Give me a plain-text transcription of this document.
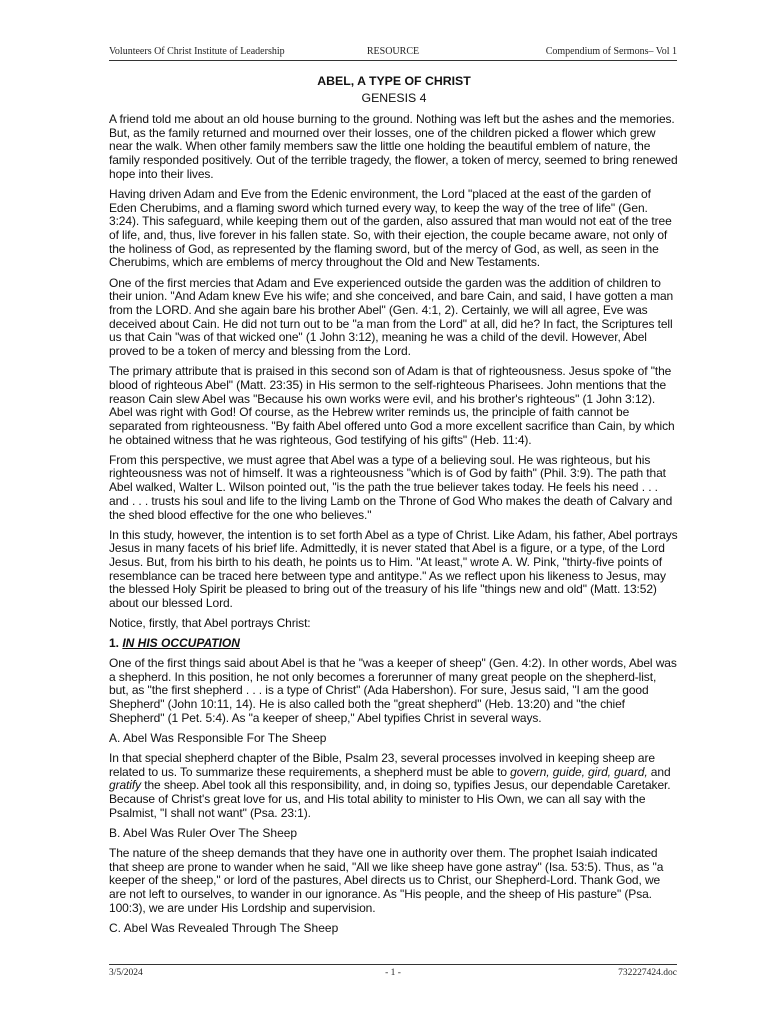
Volunteers Of Christ Institute of Leadership	RESOURCE	Compendium of Sermons– Vol 1
ABEL, A TYPE OF CHRIST
GENESIS 4

A friend told me about an old house burning to the ground. Nothing was left but the ashes and the memories. But, as the family returned and mourned over their losses, one of the children picked a flower which grew near the walk. When other family members saw the little one holding the beautiful emblem of nature, the family responded positively. Out of the terrible tragedy, the flower, a token of mercy, seemed to bring renewed hope into their lives.

Having driven Adam and Eve from the Edenic environment, the Lord "placed at the east of the garden of Eden Cherubims, and a flaming sword which turned every way, to keep the way of the tree of life" (Gen. 3:24). This safeguard, while keeping them out of the garden, also assured that man would not eat of the tree of life, and, thus, live forever in his fallen state. So, with their ejection, the couple became aware, not only of the holiness of God, as represented by the flaming sword, but of the mercy of God, as well, as seen in the Cherubims, which are emblems of mercy throughout the Old and New Testaments.

One of the first mercies that Adam and Eve experienced outside the garden was the addition of children to their union. "And Adam knew Eve his wife; and she conceived, and bare Cain, and said, I have gotten a man from the LORD. And she again bare his brother Abel" (Gen. 4:1, 2). Certainly, we will all agree, Eve was deceived about Cain. He did not turn out to be "a man from the Lord" at all, did he? In fact, the Scriptures tell us that Cain "was of that wicked one" (1 John 3:12), meaning he was a child of the devil. However, Abel proved to be a token of mercy and blessing from the Lord.

The primary attribute that is praised in this second son of Adam is that of righteousness. Jesus spoke of "the blood of righteous Abel" (Matt. 23:35) in His sermon to the self-righteous Pharisees. John mentions that the reason Cain slew Abel was "Because his own works were evil, and his brother's righteous" (1 John 3:12). Abel was right with God! Of course, as the Hebrew writer reminds us, the principle of faith cannot be separated from righteousness. "By faith Abel offered unto God a more excellent sacrifice than Cain, by which he obtained witness that he was righteous, God testifying of his gifts" (Heb. 11:4).

From this perspective, we must agree that Abel was a type of a believing soul. He was righteous, but his righteousness was not of himself. It was a righteousness "which is of God by faith" (Phil. 3:9). The path that Abel walked, Walter L. Wilson pointed out, "is the path the true believer takes today. He feels his need . . . and . . . trusts his soul and life to the living Lamb on the Throne of God Who makes the death of Calvary and the shed blood effective for the one who believes."

In this study, however, the intention is to set forth Abel as a type of Christ. Like Adam, his father, Abel portrays Jesus in many facets of his brief life. Admittedly, it is never stated that Abel is a figure, or a type, of the Lord Jesus. But, from his birth to his death, he points us to Him. "At least," wrote A. W. Pink, "thirty-five points of resemblance can be traced here between type and antitype." As we reflect upon his likeness to Jesus, may the blessed Holy Spirit be pleased to bring out of the treasury of his life "things new and old" (Matt. 13:52) about our blessed Lord.

Notice, firstly, that Abel portrays Christ:

1. IN HIS OCCUPATION

One of the first things said about Abel is that he "was a keeper of sheep" (Gen. 4:2). In other words, Abel was a shepherd. In this position, he not only becomes a forerunner of many great people on the shepherd-list, but, as "the first shepherd . . . is a type of Christ" (Ada Habershon). For sure, Jesus said, "I am the good Shepherd" (John 10:11, 14). He is also called both the "great shepherd" (Heb. 13:20) and "the chief Shepherd" (1 Pet. 5:4). As "a keeper of sheep," Abel typifies Christ in several ways.

A. Abel Was Responsible For The Sheep

In that special shepherd chapter of the Bible, Psalm 23, several processes involved in keeping sheep are related to us. To summarize these requirements, a shepherd must be able to govern, guide, gird, guard, and gratify the sheep. Abel took all this responsibility, and, in doing so, typifies Jesus, our dependable Caretaker. Because of Christ's great love for us, and His total ability to minister to His Own, we can all say with the Psalmist, "I shall not want" (Psa. 23:1).

B. Abel Was Ruler Over The Sheep

The nature of the sheep demands that they have one in authority over them. The prophet Isaiah indicated that sheep are prone to wander when he said, "All we like sheep have gone astray" (Isa. 53:5). Thus, as "a keeper of the sheep," or lord of the pastures, Abel directs us to Christ, our Shepherd-Lord. Thank God, we are not left to ourselves, to wander in our ignorance. As "His people, and the sheep of His pasture" (Psa. 100:3), we are under His Lordship and supervision.

C. Abel Was Revealed Through The Sheep
3/5/2024	- 1 -	732227424.doc
